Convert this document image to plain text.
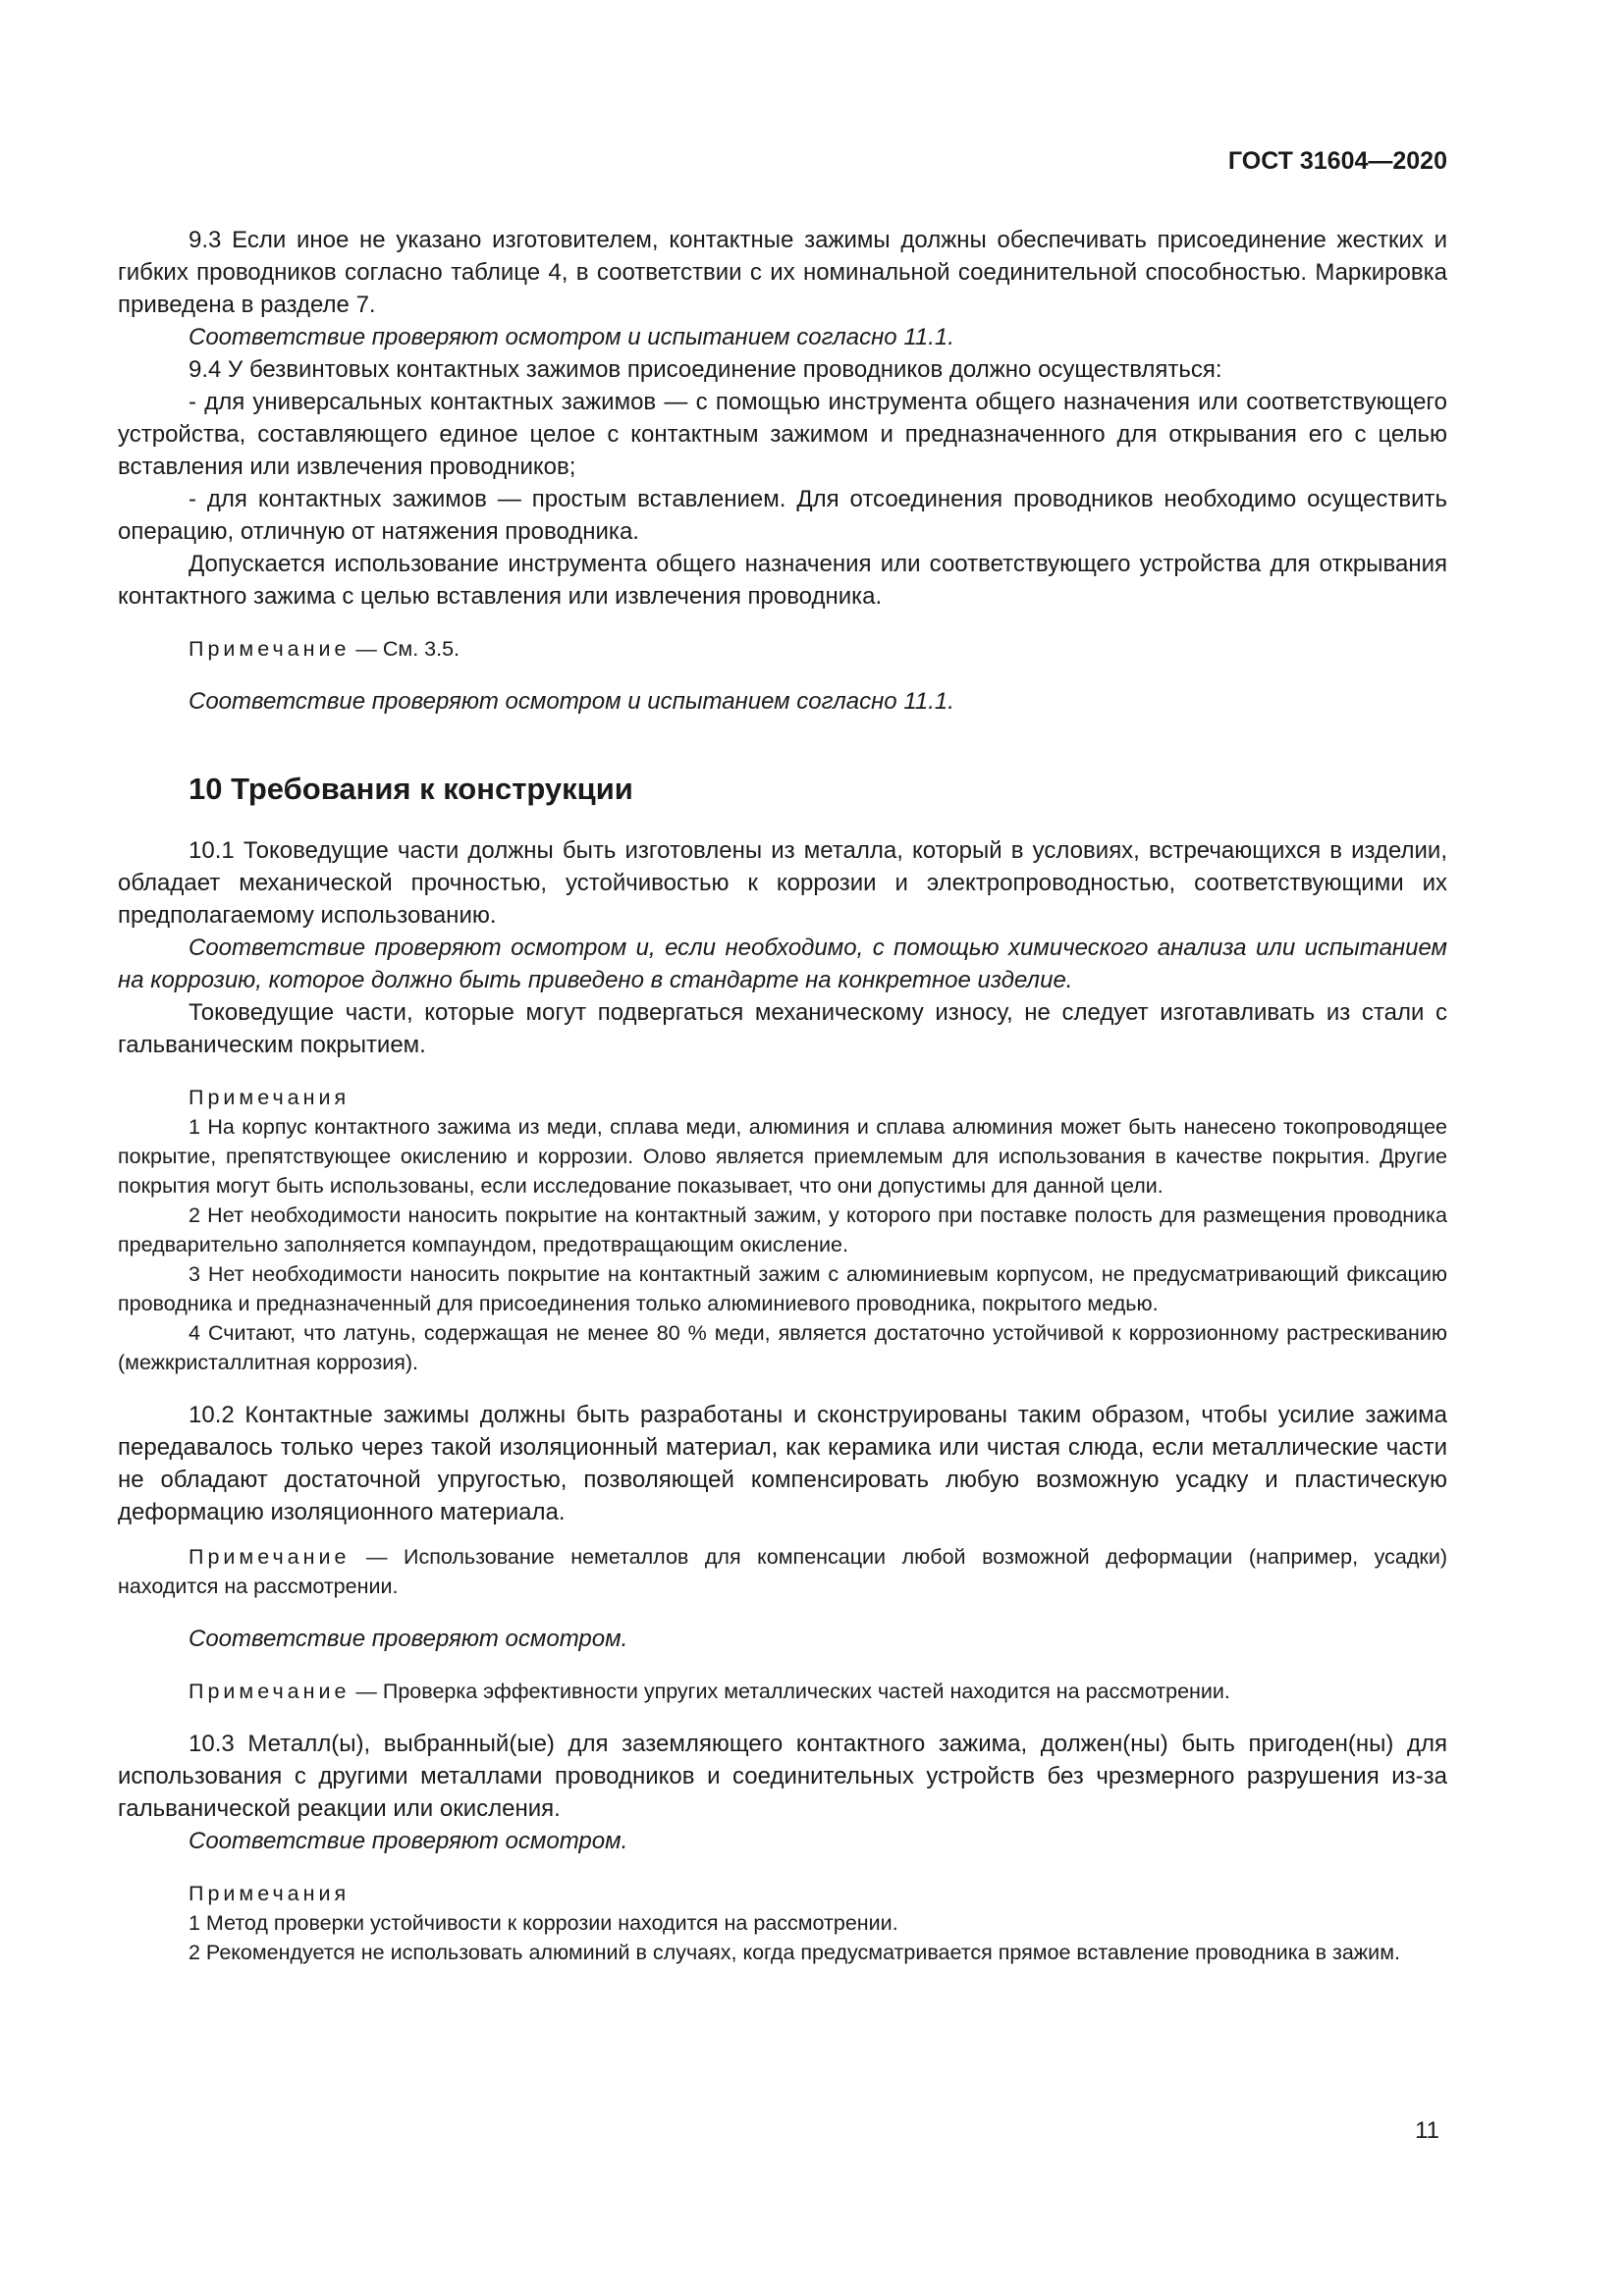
ГОСТ 31604—2020

9.3 Если иное не указано изготовителем, контактные зажимы должны обеспечивать присоединение жестких и гибких проводников согласно таблице 4, в соответствии с их номинальной соединительной способностью. Маркировка приведена в разделе 7.

Соответствие проверяют осмотром и испытанием согласно 11.1.

9.4 У безвинтовых контактных зажимов присоединение проводников должно осуществляться:

- для универсальных контактных зажимов — с помощью инструмента общего назначения или соответствующего устройства, составляющего единое целое с контактным зажимом и предназначенного для открывания его с целью вставления или извлечения проводников;

- для контактных зажимов — простым вставлением. Для отсоединения проводников необходимо осуществить операцию, отличную от натяжения проводника.

Допускается использование инструмента общего назначения или соответствующего устройства для открывания контактного зажима с целью вставления или извлечения проводника.

Примечание — См. 3.5.

Соответствие проверяют осмотром и испытанием согласно 11.1.

10 Требования к конструкции

10.1 Токоведущие части должны быть изготовлены из металла, который в условиях, встречающихся в изделии, обладает механической прочностью, устойчивостью к коррозии и электропроводностью, соответствующими их предполагаемому использованию.

Соответствие проверяют осмотром и, если необходимо, с помощью химического анализа или испытанием на коррозию, которое должно быть приведено в стандарте на конкретное изделие.

Токоведущие части, которые могут подвергаться механическому износу, не следует изготавливать из стали с гальваническим покрытием.

Примечания

1 На корпус контактного зажима из меди, сплава меди, алюминия и сплава алюминия может быть нанесено токопроводящее покрытие, препятствующее окислению и коррозии. Олово является приемлемым для использования в качестве покрытия. Другие покрытия могут быть использованы, если исследование показывает, что они допустимы для данной цели.

2 Нет необходимости наносить покрытие на контактный зажим, у которого при поставке полость для размещения проводника предварительно заполняется компаундом, предотвращающим окисление.

3 Нет необходимости наносить покрытие на контактный зажим с алюминиевым корпусом, не предусматривающий фиксацию проводника и предназначенный для присоединения только алюминиевого проводника, покрытого медью.

4 Считают, что латунь, содержащая не менее 80 % меди, является достаточно устойчивой к коррозионному растрескиванию (межкристаллитная коррозия).

10.2 Контактные зажимы должны быть разработаны и сконструированы таким образом, чтобы усилие зажима передавалось только через такой изоляционный материал, как керамика или чистая слюда, если металлические части не обладают достаточной упругостью, позволяющей компенсировать любую возможную усадку и пластическую деформацию изоляционного материала.

Примечание — Использование неметаллов для компенсации любой возможной деформации (например, усадки) находится на рассмотрении.

Соответствие проверяют осмотром.

Примечание — Проверка эффективности упругих металлических частей находится на рассмотрении.

10.3 Металл(ы), выбранный(ые) для заземляющего контактного зажима, должен(ны) быть пригоден(ны) для использования с другими металлами проводников и соединительных устройств без чрезмерного разрушения из-за гальванической реакции или окисления.

Соответствие проверяют осмотром.

Примечания

1 Метод проверки устойчивости к коррозии находится на рассмотрении.

2 Рекомендуется не использовать алюминий в случаях, когда предусматривается прямое вставление проводника в зажим.

11
